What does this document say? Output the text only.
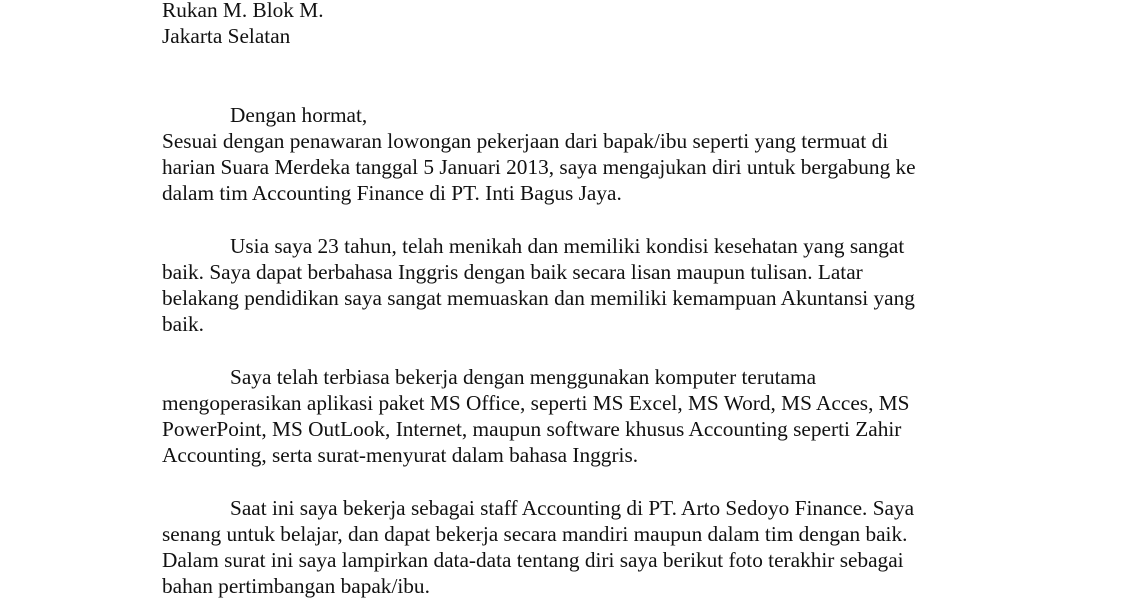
Rukan M. Blok M.
Jakarta Selatan
Dengan hormat,
Sesuai dengan penawaran lowongan pekerjaan dari bapak/ibu seperti yang termuat di
harian Suara Merdeka tanggal 5 Januari 2013, saya mengajukan diri untuk bergabung ke
dalam tim Accounting Finance di PT. Inti Bagus Jaya.
Usia saya 23 tahun, telah menikah dan memiliki kondisi kesehatan yang sangat
baik. Saya dapat berbahasa Inggris dengan baik secara lisan maupun tulisan. Latar
belakang pendidikan saya sangat memuaskan dan memiliki kemampuan Akuntansi yang
baik.
Saya telah terbiasa bekerja dengan menggunakan komputer terutama
mengoperasikan aplikasi paket MS Office, seperti MS Excel, MS Word, MS Acces, MS
PowerPoint, MS OutLook, Internet, maupun software khusus Accounting seperti Zahir
Accounting, serta surat-menyurat dalam bahasa Inggris.
Saat ini saya bekerja sebagai staff Accounting di PT. Arto Sedoyo Finance. Saya
senang untuk belajar, dan dapat bekerja secara mandiri maupun dalam tim dengan baik.
Dalam surat ini saya lampirkan data-data tentang diri saya berikut foto terakhir sebagai
bahan pertimbangan bapak/ibu.
